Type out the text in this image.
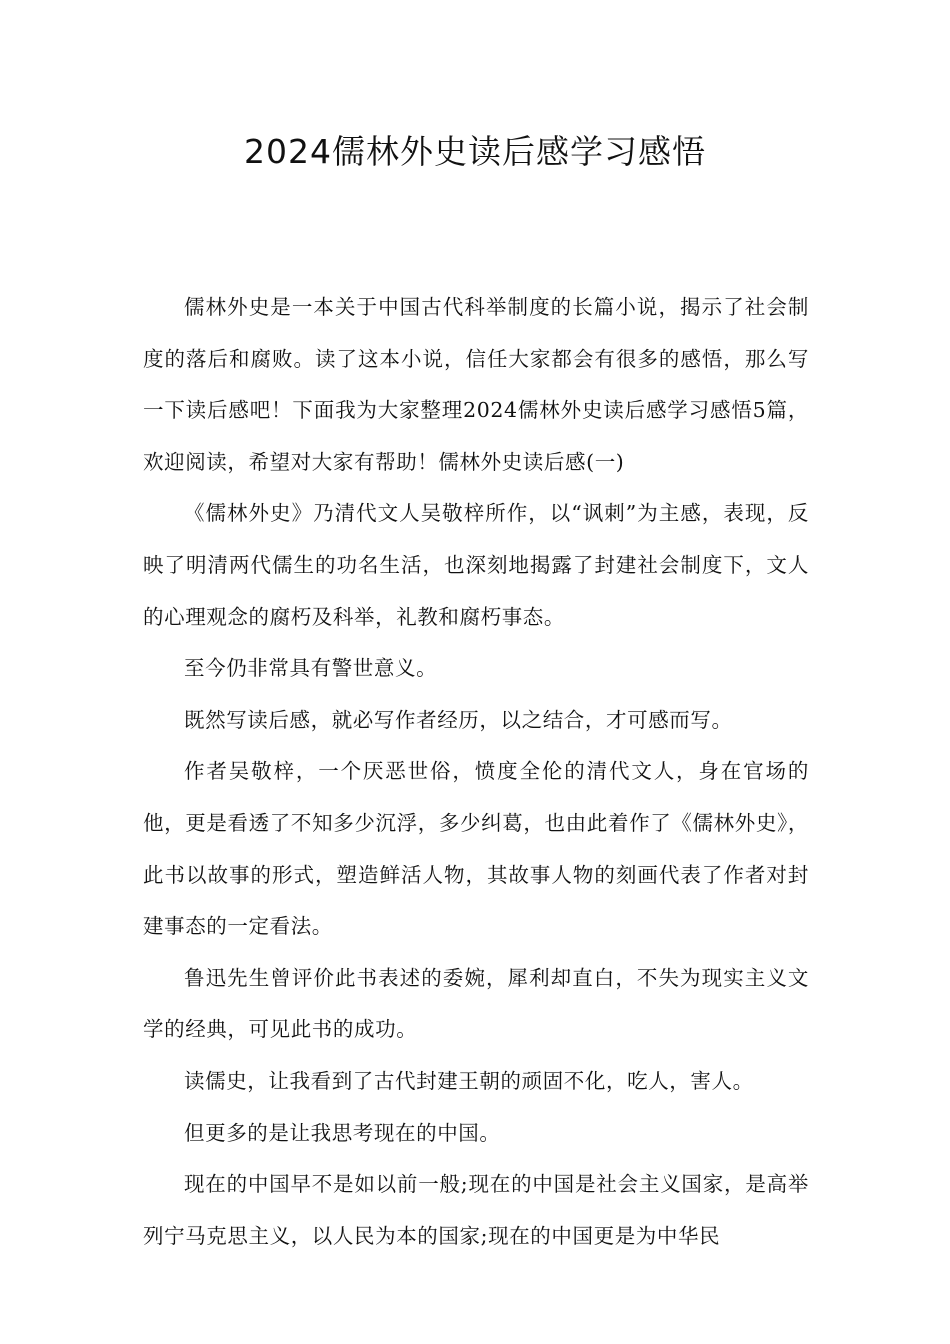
2024儒林外史读后感学习感悟

儒林外史是一本关于中国古代科举制度的长篇小说，揭示了社会制度的落后和腐败。读了这本小说，信任大家都会有很多的感悟，那么写一下读后感吧！下面我为大家整理2024儒林外史读后感学习感悟5篇，欢迎阅读，希望对大家有帮助！儒林外史读后感(一)

《儒林外史》乃清代文人吴敬梓所作，以“讽刺”为主感，表现，反映了明清两代儒生的功名生活，也深刻地揭露了封建社会制度下，文人的心理观念的腐朽及科举，礼教和腐朽事态。

至今仍非常具有警世意义。

既然写读后感，就必写作者经历，以之结合，才可感而写。

作者吴敬梓，一个厌恶世俗，愤度全伦的清代文人，身在官场的他，更是看透了不知多少沉浮，多少纠葛，也由此着作了《儒林外史》，此书以故事的形式，塑造鲜活人物，其故事人物的刻画代表了作者对封建事态的一定看法。

鲁迅先生曾评价此书表述的委婉，犀利却直白，不失为现实主义文学的经典，可见此书的成功。

读儒史，让我看到了古代封建王朝的顽固不化，吃人，害人。

但更多的是让我思考现在的中国。

现在的中国早不是如以前一般;现在的中国是社会主义国家，是高举列宁马克思主义，以人民为本的国家;现在的中国更是为中华民
